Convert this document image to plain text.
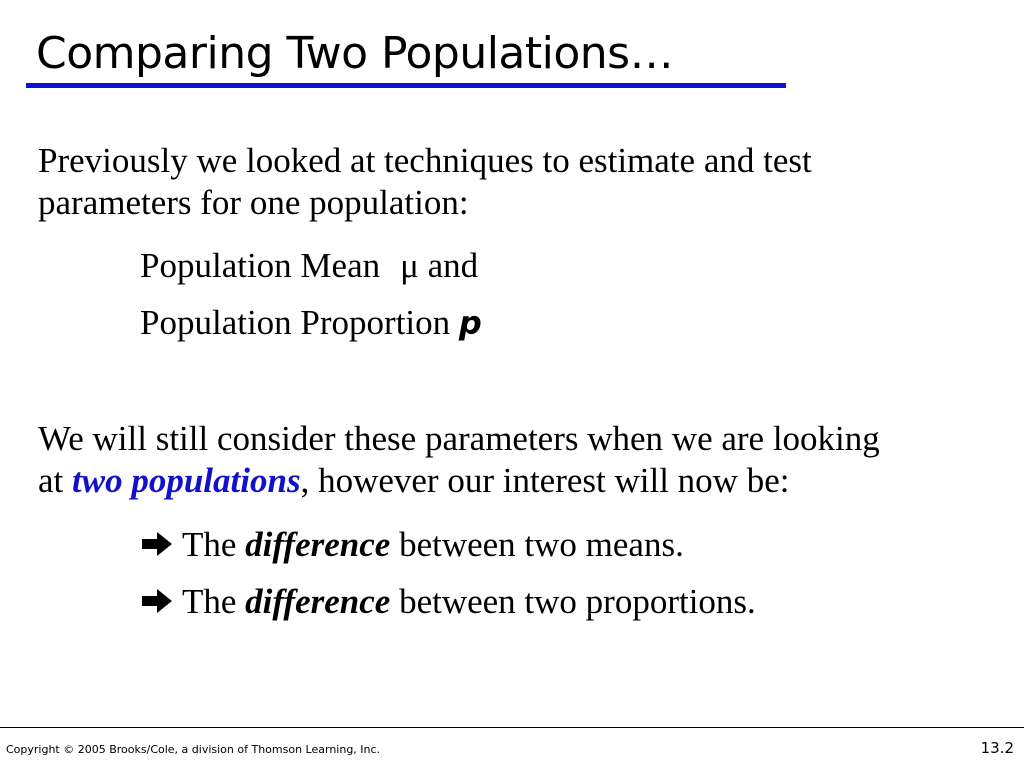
Comparing Two Populations…
Previously we looked at techniques to estimate and test
parameters for one population:
Population Mean μ and
Population Proportion p
We will still consider these parameters when we are looking
at two populations, however our interest will now be:
The difference between two means.
The difference between two proportions.
Copyright © 2005 Brooks/Cole, a division of Thomson Learning, Inc.	13.2
